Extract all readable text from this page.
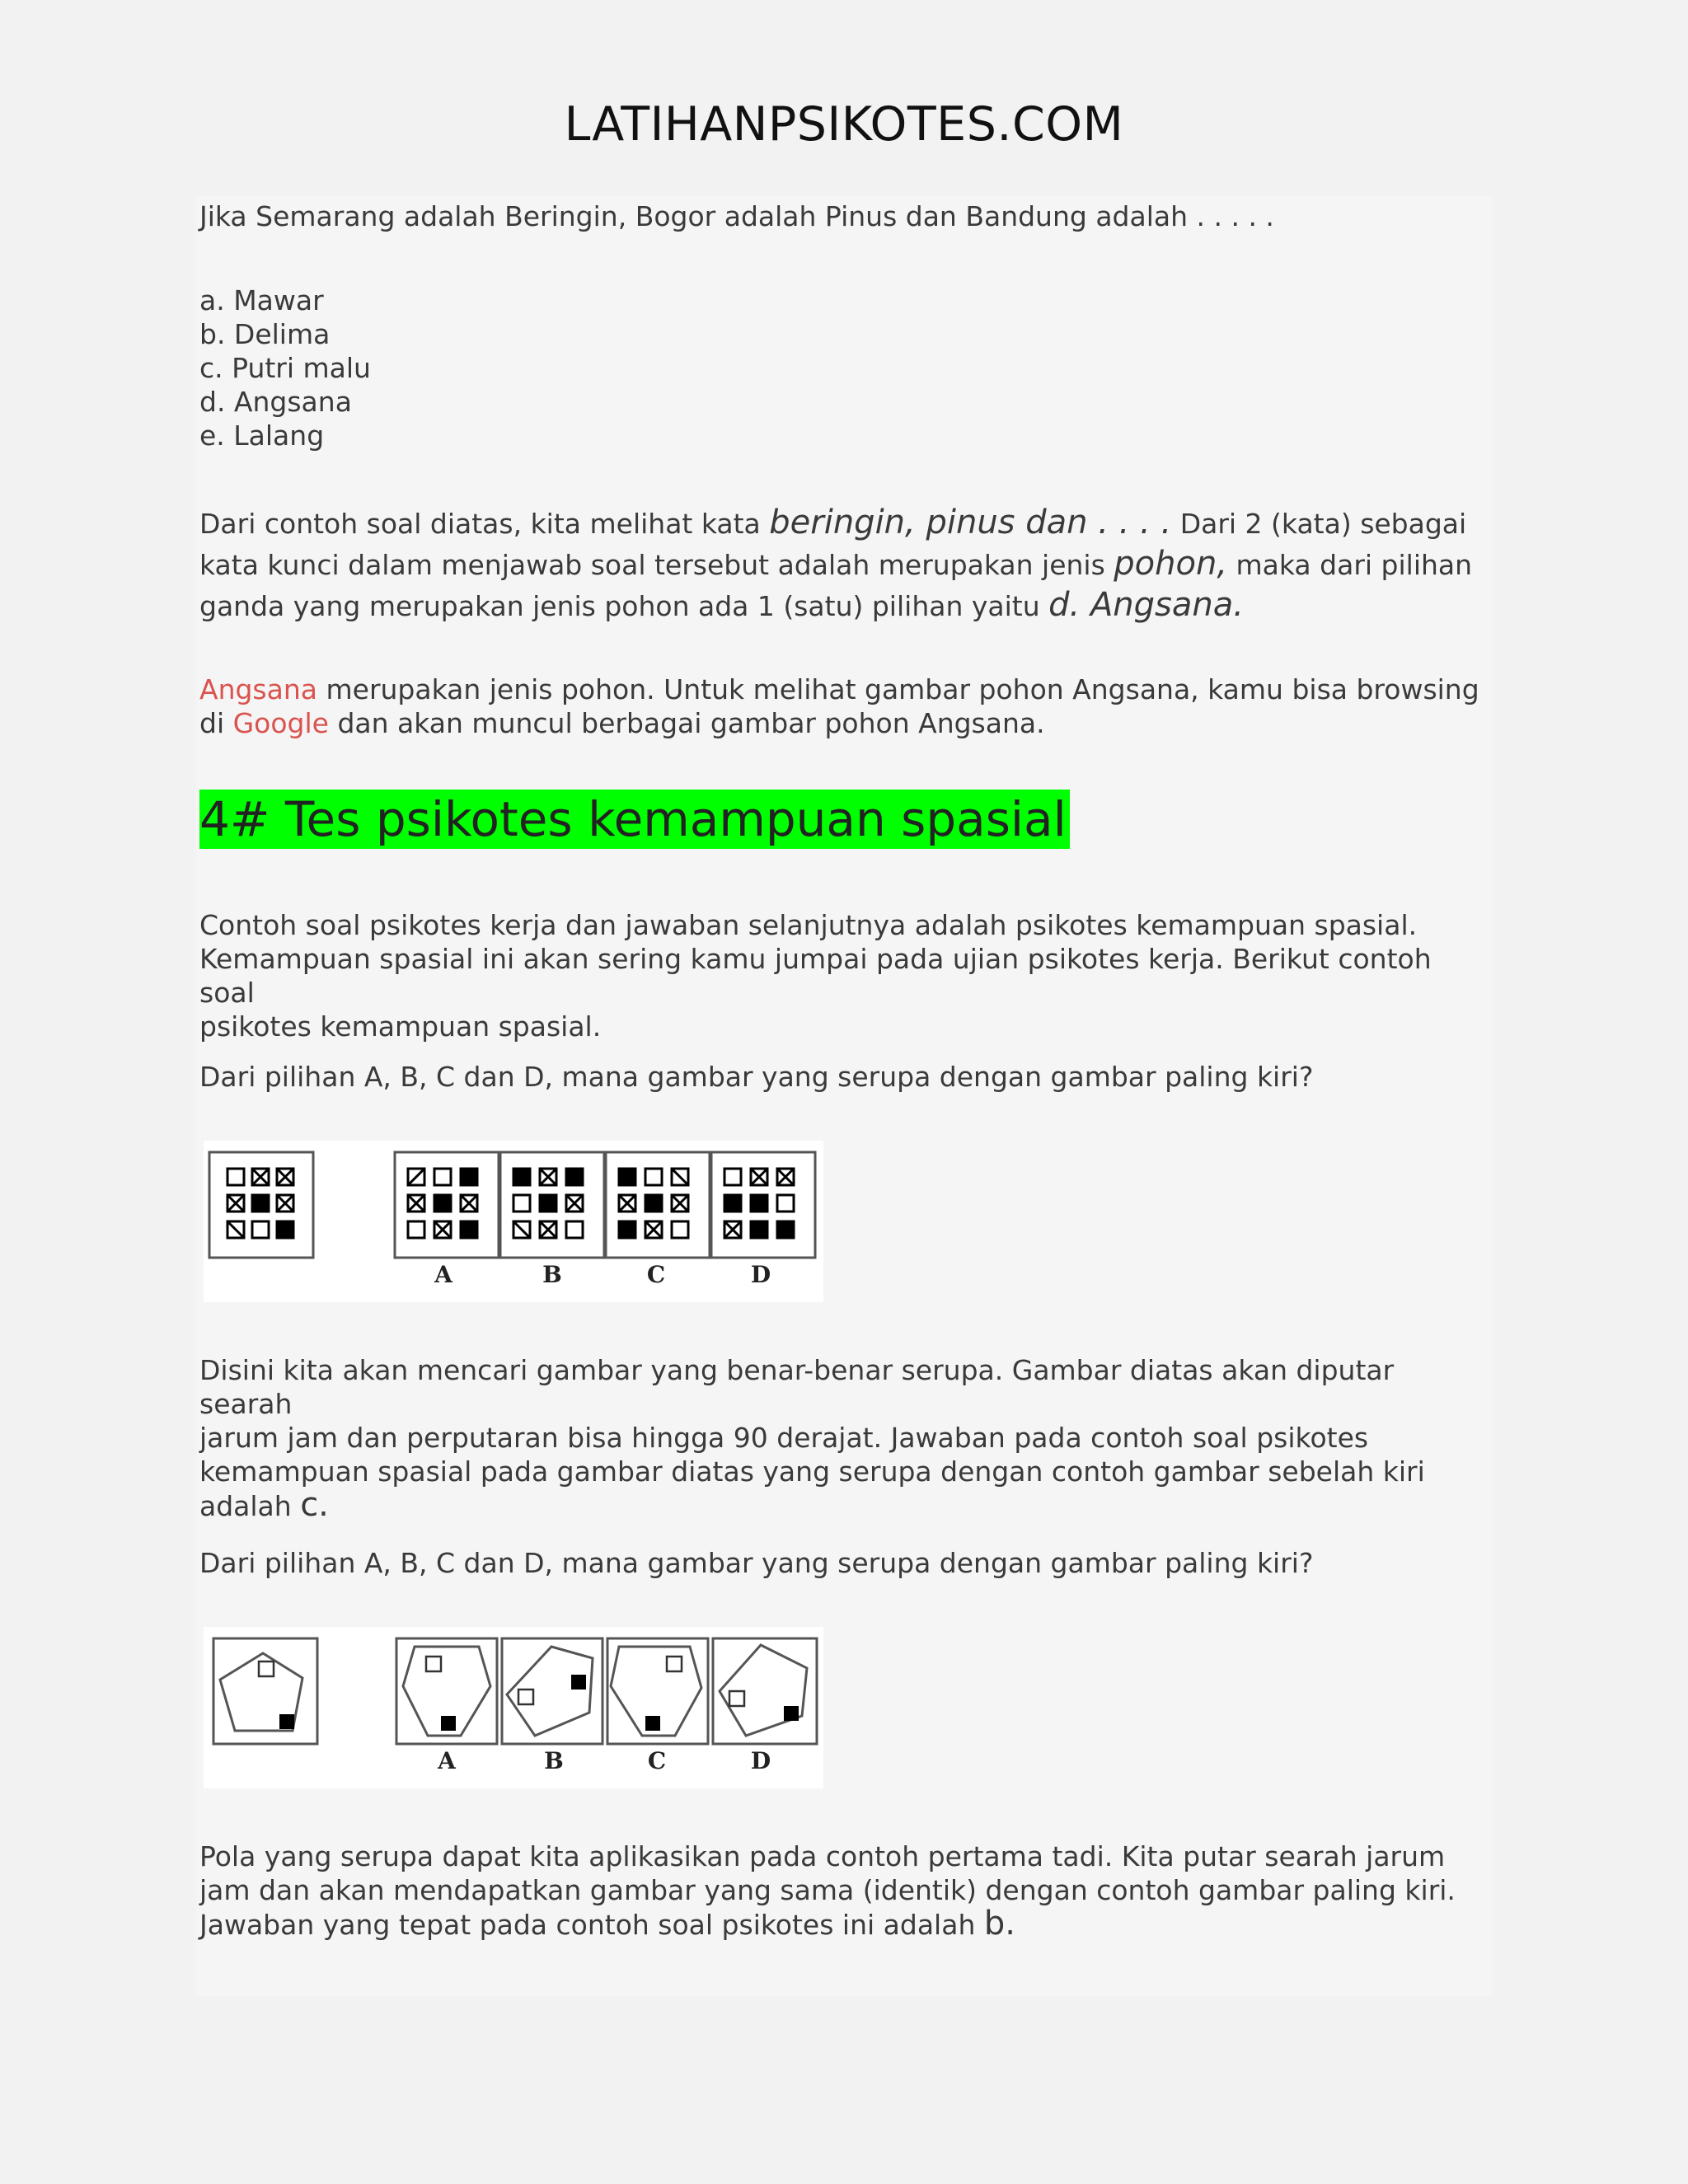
LATIHANPSIKOTES.COM
Jika Semarang adalah Beringin, Bogor adalah Pinus dan Bandung adalah . . . . .
a. Mawar
b. Delima
c. Putri malu
d. Angsana
e. Lalang
Dari contoh soal diatas, kita melihat kata beringin, pinus dan . . . . Dari 2 (kata) sebagai
kata kunci dalam menjawab soal tersebut adalah merupakan jenis pohon, maka dari pilihan
ganda yang merupakan jenis pohon ada 1 (satu) pilihan yaitu d. Angsana.
Angsana merupakan jenis pohon. Untuk melihat gambar pohon Angsana, kamu bisa browsing
di Google dan akan muncul berbagai gambar pohon Angsana.
4# Tes psikotes kemampuan spasial
Contoh soal psikotes kerja dan jawaban selanjutnya adalah psikotes kemampuan spasial.
Kemampuan spasial ini akan sering kamu jumpai pada ujian psikotes kerja. Berikut contoh soal
psikotes kemampuan spasial.
Dari pilihan A, B, C dan D, mana gambar yang serupa dengan gambar paling kiri?
A	B	C	D
Disini kita akan mencari gambar yang benar-benar serupa. Gambar diatas akan diputar searah
jarum jam dan perputaran bisa hingga 90 derajat. Jawaban pada contoh soal psikotes
kemampuan spasial pada gambar diatas yang serupa dengan contoh gambar sebelah kiri
adalah c.
Dari pilihan A, B, C dan D, mana gambar yang serupa dengan gambar paling kiri?
A	B	C	D
Pola yang serupa dapat kita aplikasikan pada contoh pertama tadi. Kita putar searah jarum
jam dan akan mendapatkan gambar yang sama (identik) dengan contoh gambar paling kiri.
Jawaban yang tepat pada contoh soal psikotes ini adalah b.
